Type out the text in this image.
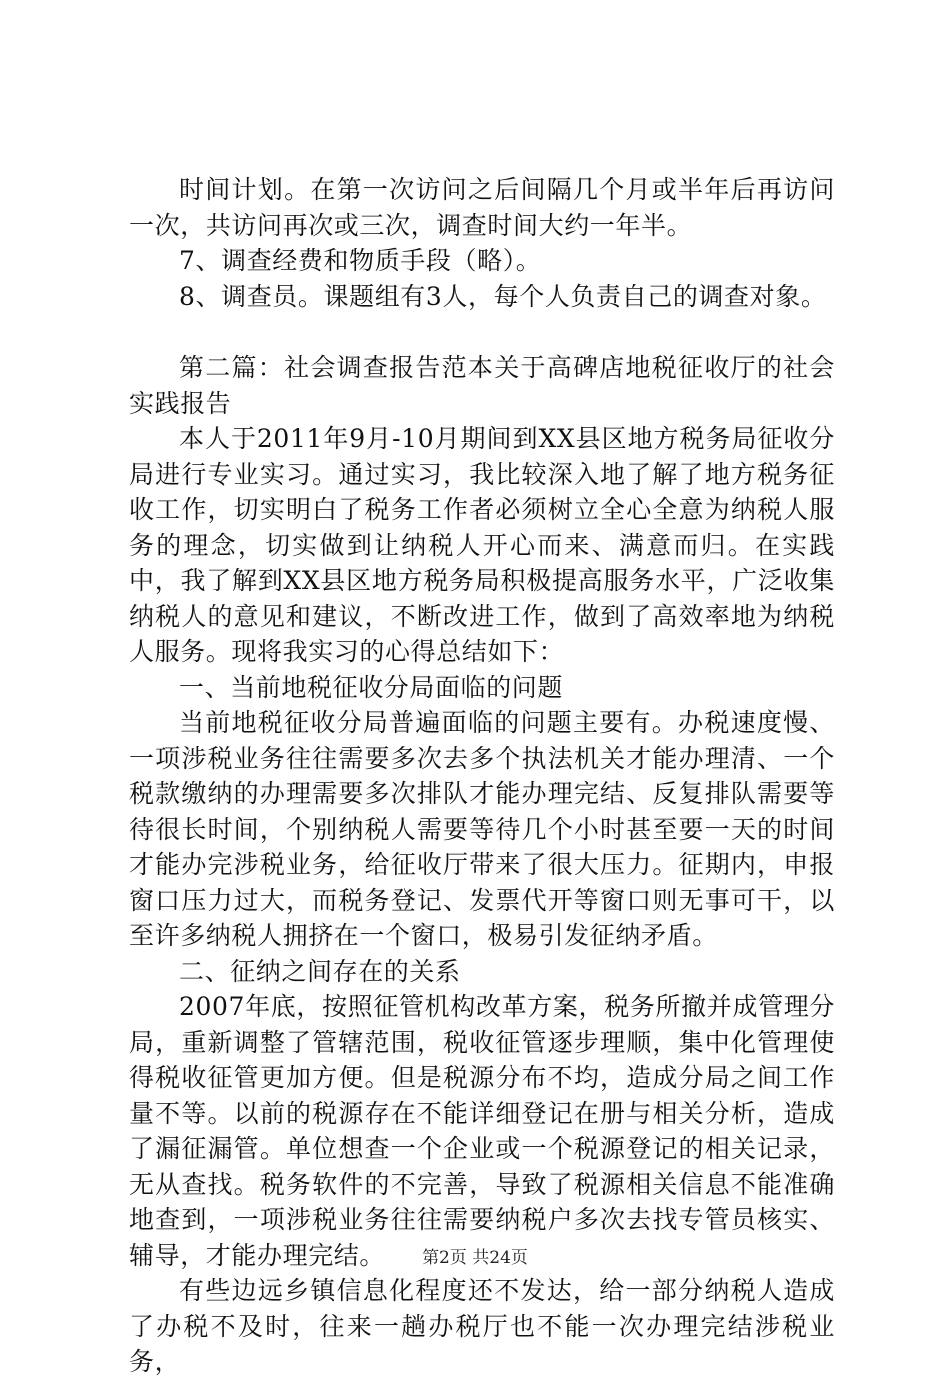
时间计划。在第一次访问之后间隔几个月或半年后再访问一次，共访问再次或三次，调查时间大约一年半。

7、调查经费和物质手段（略）。

8、调查员。课题组有3人，每个人负责自己的调查对象。

第二篇：社会调查报告范本关于高碑店地税征收厅的社会实践报告

本人于2011年9月-10月期间到XX县区地方税务局征收分局进行专业实习。通过实习，我比较深入地了解了地方税务征收工作，切实明白了税务工作者必须树立全心全意为纳税人服务的理念，切实做到让纳税人开心而来、满意而归。在实践中，我了解到XX县区地方税务局积极提高服务水平，广泛收集纳税人的意见和建议，不断改进工作，做到了高效率地为纳税人服务。现将我实习的心得总结如下：

一、当前地税征收分局面临的问题

当前地税征收分局普遍面临的问题主要有。办税速度慢、一项涉税业务往往需要多次去多个执法机关才能办理清、一个税款缴纳的办理需要多次排队才能办理完结、反复排队需要等待很长时间，个别纳税人需要等待几个小时甚至要一天的时间才能办完涉税业务，给征收厅带来了很大压力。征期内，申报窗口压力过大，而税务登记、发票代开等窗口则无事可干，以至许多纳税人拥挤在一个窗口，极易引发征纳矛盾。

二、征纳之间存在的关系

2007年底，按照征管机构改革方案，税务所撤并成管理分局，重新调整了管辖范围，税收征管逐步理顺，集中化管理使得税收征管更加方便。但是税源分布不均，造成分局之间工作量不等。以前的税源存在不能详细登记在册与相关分析，造成了漏征漏管。单位想查一个企业或一个税源登记的相关记录，无从查找。税务软件的不完善，导致了税源相关信息不能准确地查到，一项涉税业务往往需要纳税户多次去找专管员核实、辅导，才能办理完结。

有些边远乡镇信息化程度还不发达，给一部分纳税人造成了办税不及时，往来一趟办税厅也不能一次办理完结涉税业务，

第2页 共24页
